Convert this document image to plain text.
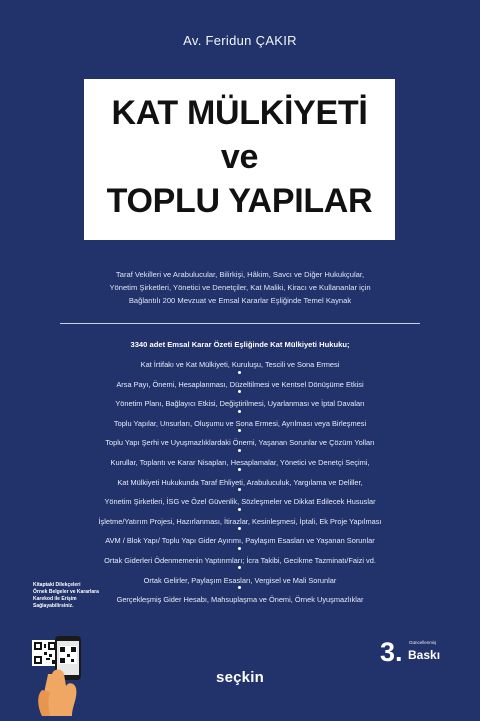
Av. Feridun ÇAKIR
KAT MÜLKİYETİ
ve
TOPLU YAPILAR
Taraf Vekilleri ve Arabulucular, Bilirkişi, Hâkim, Savcı ve Diğer Hukukçular,
Yönetim Şirketleri, Yönetici ve Denetçiler, Kat Maliki, Kiracı ve Kullananlar için
Bağlantılı 200 Mevzuat ve Emsal Kararlar Eşliğinde Temel Kaynak
3340 adet Emsal Karar Özeti Eşliğinde Kat Mülkiyeti Hukuku;
Kat İrtifakı ve Kat Mülkiyeti, Kuruluşu, Tescili ve Sona Ermesi
Arsa Payı, Önemi, Hesaplanması, Düzeltilmesi ve Kentsel Dönüşüme Etkisi
Yönetim Planı, Bağlayıcı Etkisi, Değiştirilmesi, Uyarlanması ve İptal Davaları
Toplu Yapılar, Unsurları, Oluşumu ve Sona Ermesi, Ayrılması veya Birleşmesi
Toplu Yapı Şerhi ve Uyuşmazlıklardaki Önemi, Yaşanan Sorunlar ve Çözüm Yolları
Kurullar, Toplantı ve Karar Nisapları, Hesaplamalar, Yönetici ve Denetçi Seçimi,
Kat Mülkiyeti Hukukunda Taraf Ehliyeti, Arabuluculuk, Yargılama ve Deliller,
Yönetim Şirketleri, İSG ve Özel Güvenlik, Sözleşmeler ve Dikkat Edilecek Hususlar
İşletme/Yatırım Projesi, Hazırlanması, İtirazlar, Kesinleşmesi, İptali, Ek Proje Yapılması
AVM / Blok Yapı/ Toplu Yapı Gider Ayırımı, Paylaşım Esasları ve Yaşanan Sorunlar
Ortak Giderleri Ödenmemenin Yaptırımları; İcra Takibi, Gecikme Tazminatı/Faizi vd.
Ortak Gelirler, Paylaşım Esasları, Vergisel ve Mali Sorunlar
Gerçekleşmiş Gider Hesabı, Mahsuplaşma ve Önemi, Örnek Uyuşmazlıklar
Kitaptaki Dilekçeleri
Örnek Belgeler ve Kararlara
Karekod ile Erişim
Sağlayabilirsiniz.
3. Güncellenmiş
Baskı
seçkin
